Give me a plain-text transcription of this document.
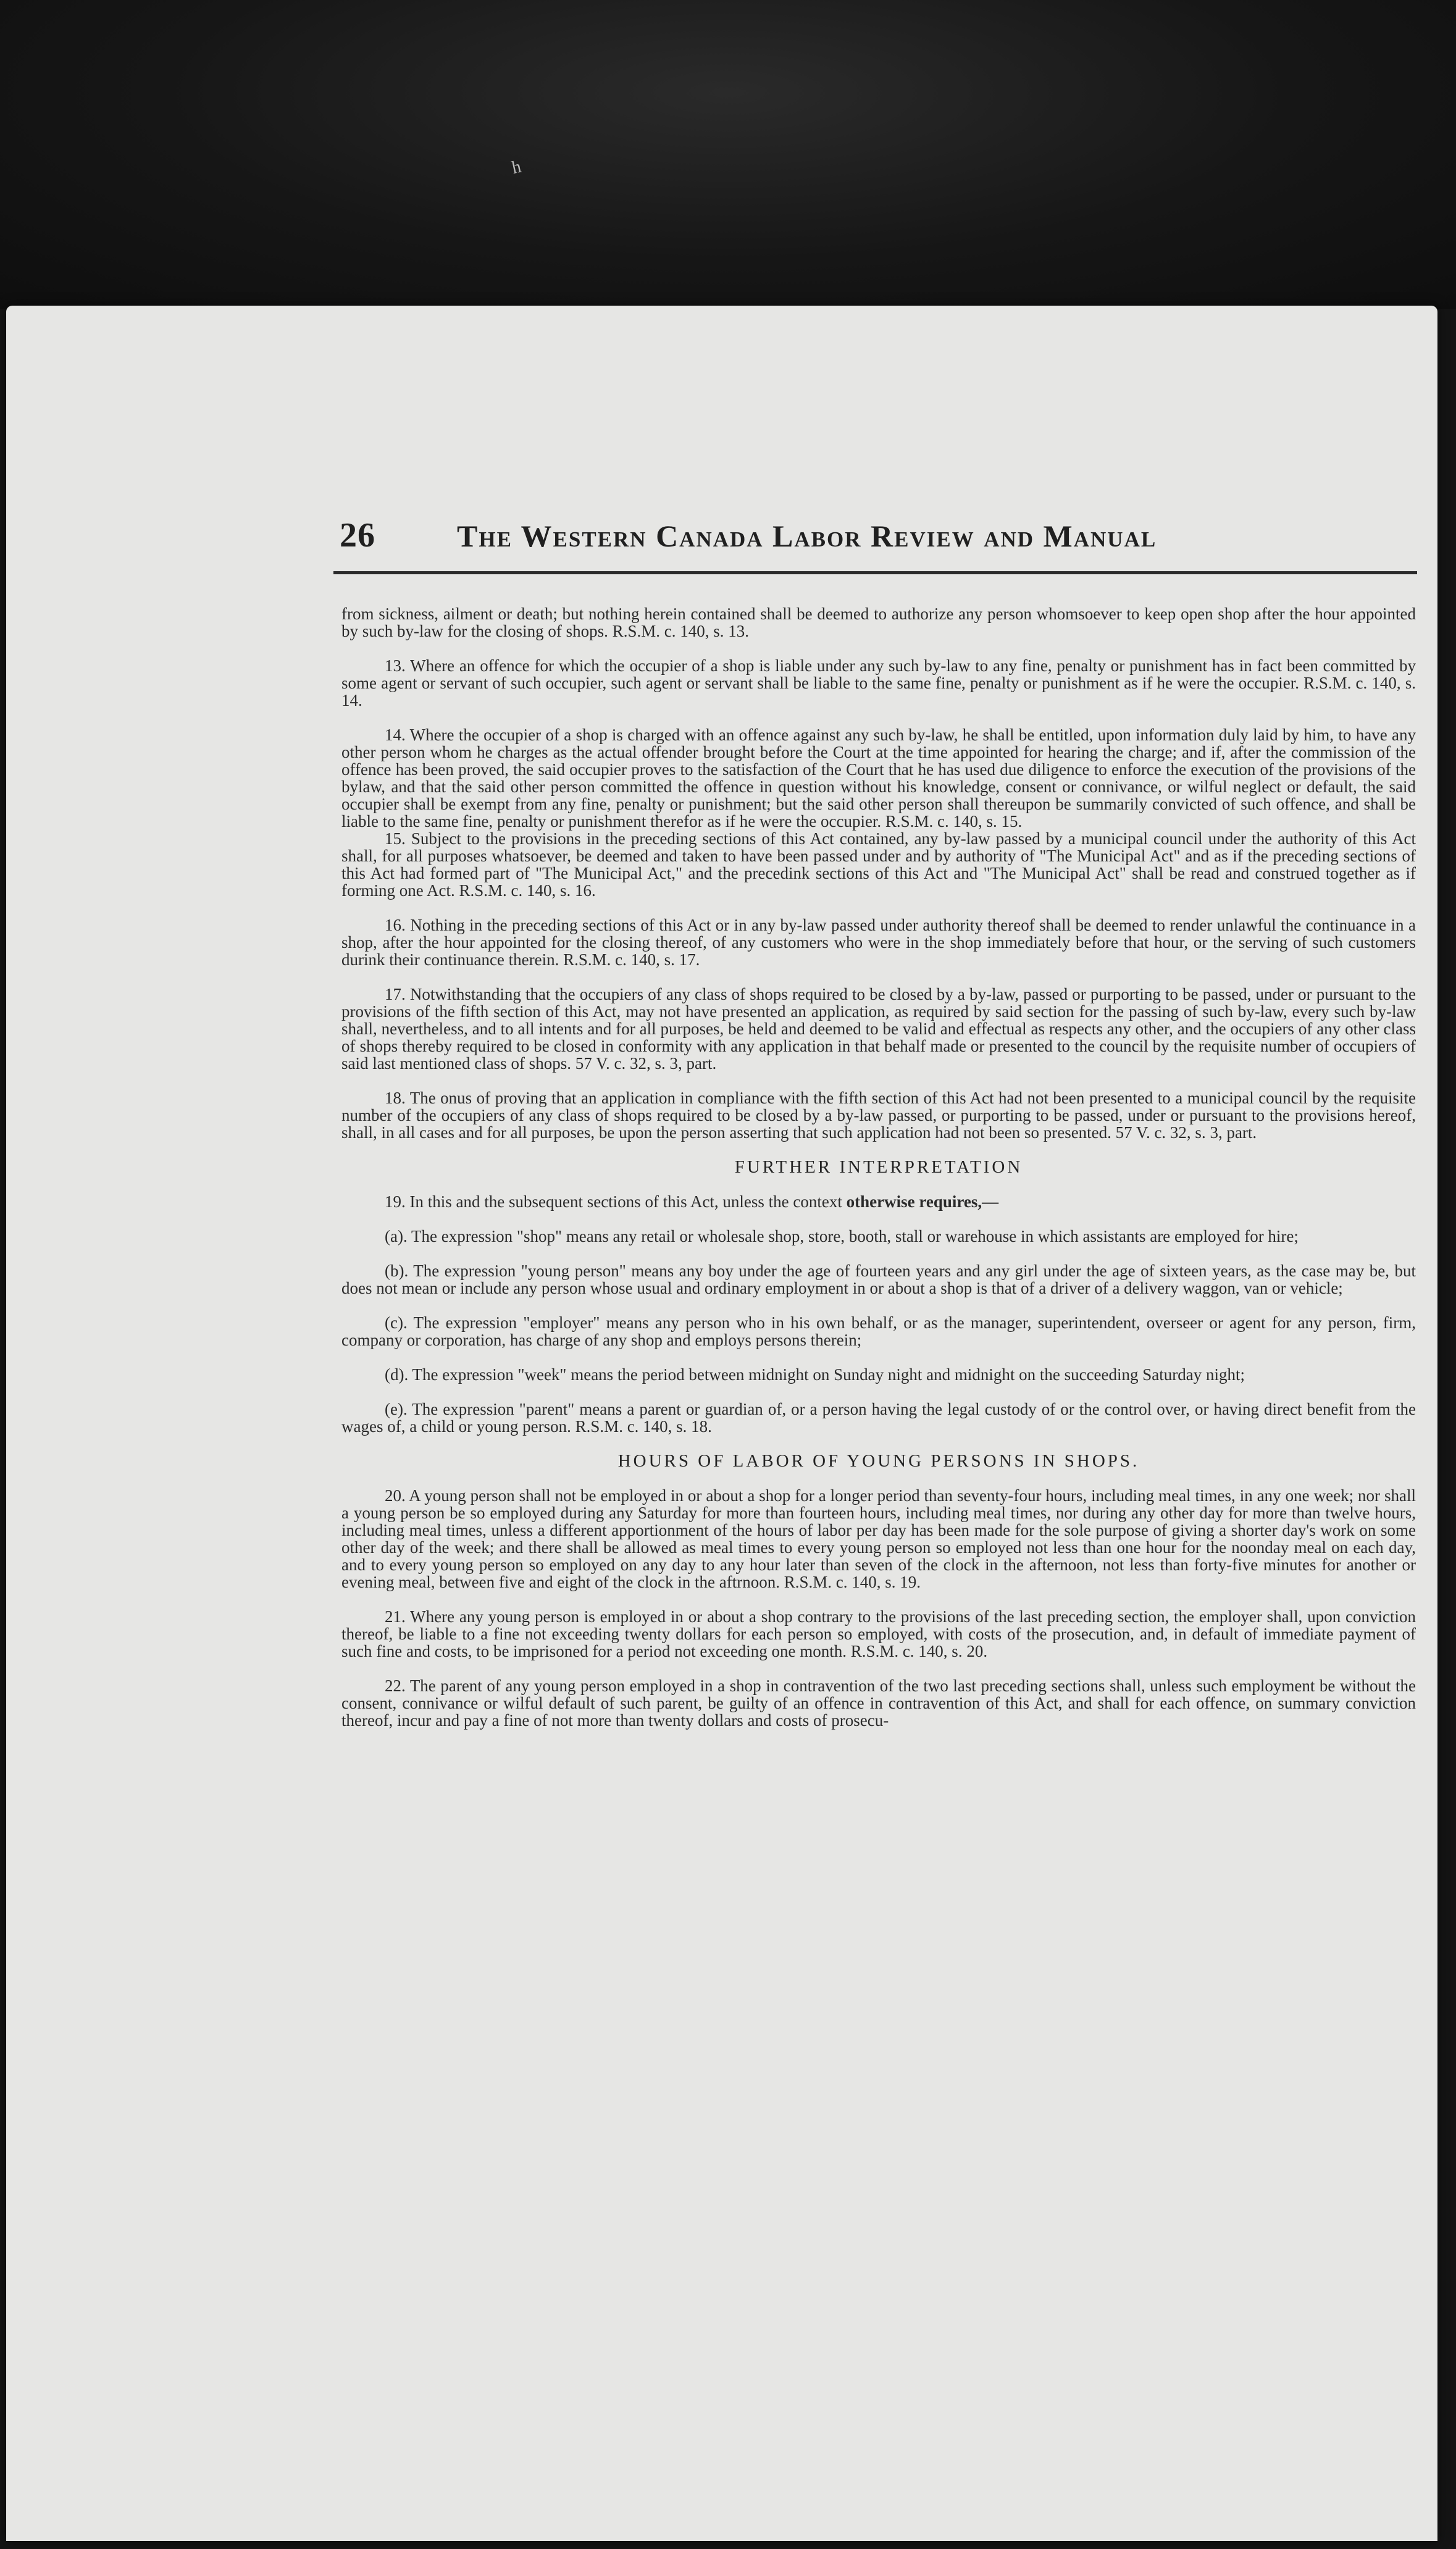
ʰ
26	The Western Canada Labor Review and Manual

from sickness, ailment or death; but nothing herein contained shall be deemed to authorize any person whomsoever to keep open shop after the hour appointed by such by-law for the closing of shops. R.S.M. c. 140, s. 13.

13. Where an offence for which the occupier of a shop is liable under any such by-law to any fine, penalty or punishment has in fact been committed by some agent or servant of such occupier, such agent or servant shall be liable to the same fine, penalty or punishment as if he were the occupier. R.S.M. c. 140, s. 14.

14. Where the occupier of a shop is charged with an offence against any such by-law, he shall be entitled, upon information duly laid by him, to have any other person whom he charges as the actual offender brought before the Court at the time appointed for hearing the charge; and if, after the commission of the offence has been proved, the said occupier proves to the satisfaction of the Court that he has used due diligence to enforce the execution of the provisions of the bylaw, and that the said other person committed the offence in question without his knowledge, consent or connivance, or wilful neglect or default, the said occupier shall be exempt from any fine, penalty or punishment; but the said other person shall thereupon be summarily convicted of such offence, and shall be liable to the same fine, penalty or punishment therefor as if he were the occupier. R.S.M. c. 140, s. 15.

15. Subject to the provisions in the preceding sections of this Act contained, any by-law passed by a municipal council under the authority of this Act shall, for all purposes whatsoever, be deemed and taken to have been passed under and by authority of "The Municipal Act" and as if the preceding sections of this Act had formed part of "The Municipal Act," and the precedink sections of this Act and "The Municipal Act" shall be read and construed together as if forming one Act. R.S.M. c. 140, s. 16.

16. Nothing in the preceding sections of this Act or in any by-law passed under authority thereof shall be deemed to render unlawful the continuance in a shop, after the hour appointed for the closing thereof, of any customers who were in the shop immediately before that hour, or the serving of such customers durink their continuance therein. R.S.M. c. 140, s. 17.

17. Notwithstanding that the occupiers of any class of shops required to be closed by a by-law, passed or purporting to be passed, under or pursuant to the provisions of the fifth section of this Act, may not have presented an application, as required by said section for the passing of such by-law, every such by-law shall, nevertheless, and to all intents and for all purposes, be held and deemed to be valid and effectual as respects any other, and the occupiers of any other class of shops thereby required to be closed in conformity with any application in that behalf made or presented to the council by the requisite number of occupiers of said last mentioned class of shops. 57 V. c. 32, s. 3, part.

18. The onus of proving that an application in compliance with the fifth section of this Act had not been presented to a municipal council by the requisite number of the occupiers of any class of shops required to be closed by a by-law passed, or purporting to be passed, under or pursuant to the provisions hereof, shall, in all cases and for all purposes, be upon the person asserting that such application had not been so presented. 57 V. c. 32, s. 3, part.

FURTHER INTERPRETATION

19. In this and the subsequent sections of this Act, unless the context otherwise requires,—

(a). The expression "shop" means any retail or wholesale shop, store, booth, stall or warehouse in which assistants are employed for hire;

(b). The expression "young person" means any boy under the age of fourteen years and any girl under the age of sixteen years, as the case may be, but does not mean or include any person whose usual and ordinary employment in or about a shop is that of a driver of a delivery waggon, van or vehicle;

(c). The expression "employer" means any person who in his own behalf, or as the manager, superintendent, overseer or agent for any person, firm, company or corporation, has charge of any shop and employs persons therein;

(d). The expression "week" means the period between midnight on Sunday night and midnight on the succeeding Saturday night;

(e). The expression "parent" means a parent or guardian of, or a person having the legal custody of or the control over, or having direct benefit from the wages of, a child or young person. R.S.M. c. 140, s. 18.

HOURS OF LABOR OF YOUNG PERSONS IN SHOPS.

20. A young person shall not be employed in or about a shop for a longer period than seventy-four hours, including meal times, in any one week; nor shall a young person be so employed during any Saturday for more than fourteen hours, including meal times, nor during any other day for more than twelve hours, including meal times, unless a different apportionment of the hours of labor per day has been made for the sole purpose of giving a shorter day's work on some other day of the week; and there shall be allowed as meal times to every young person so employed not less than one hour for the noonday meal on each day, and to every young person so employed on any day to any hour later than seven of the clock in the afternoon, not less than forty-five minutes for another or evening meal, between five and eight of the clock in the aftrnoon. R.S.M. c. 140, s. 19.

21. Where any young person is employed in or about a shop contrary to the provisions of the last preceding section, the employer shall, upon conviction thereof, be liable to a fine not exceeding twenty dollars for each person so employed, with costs of the prosecution, and, in default of immediate payment of such fine and costs, to be imprisoned for a period not exceeding one month. R.S.M. c. 140, s. 20.

22. The parent of any young person employed in a shop in contravention of the two last preceding sections shall, unless such employment be without the consent, connivance or wilful default of such parent, be guilty of an offence in contravention of this Act, and shall for each offence, on summary conviction thereof, incur and pay a fine of not more than twenty dollars and costs of prosecu-
